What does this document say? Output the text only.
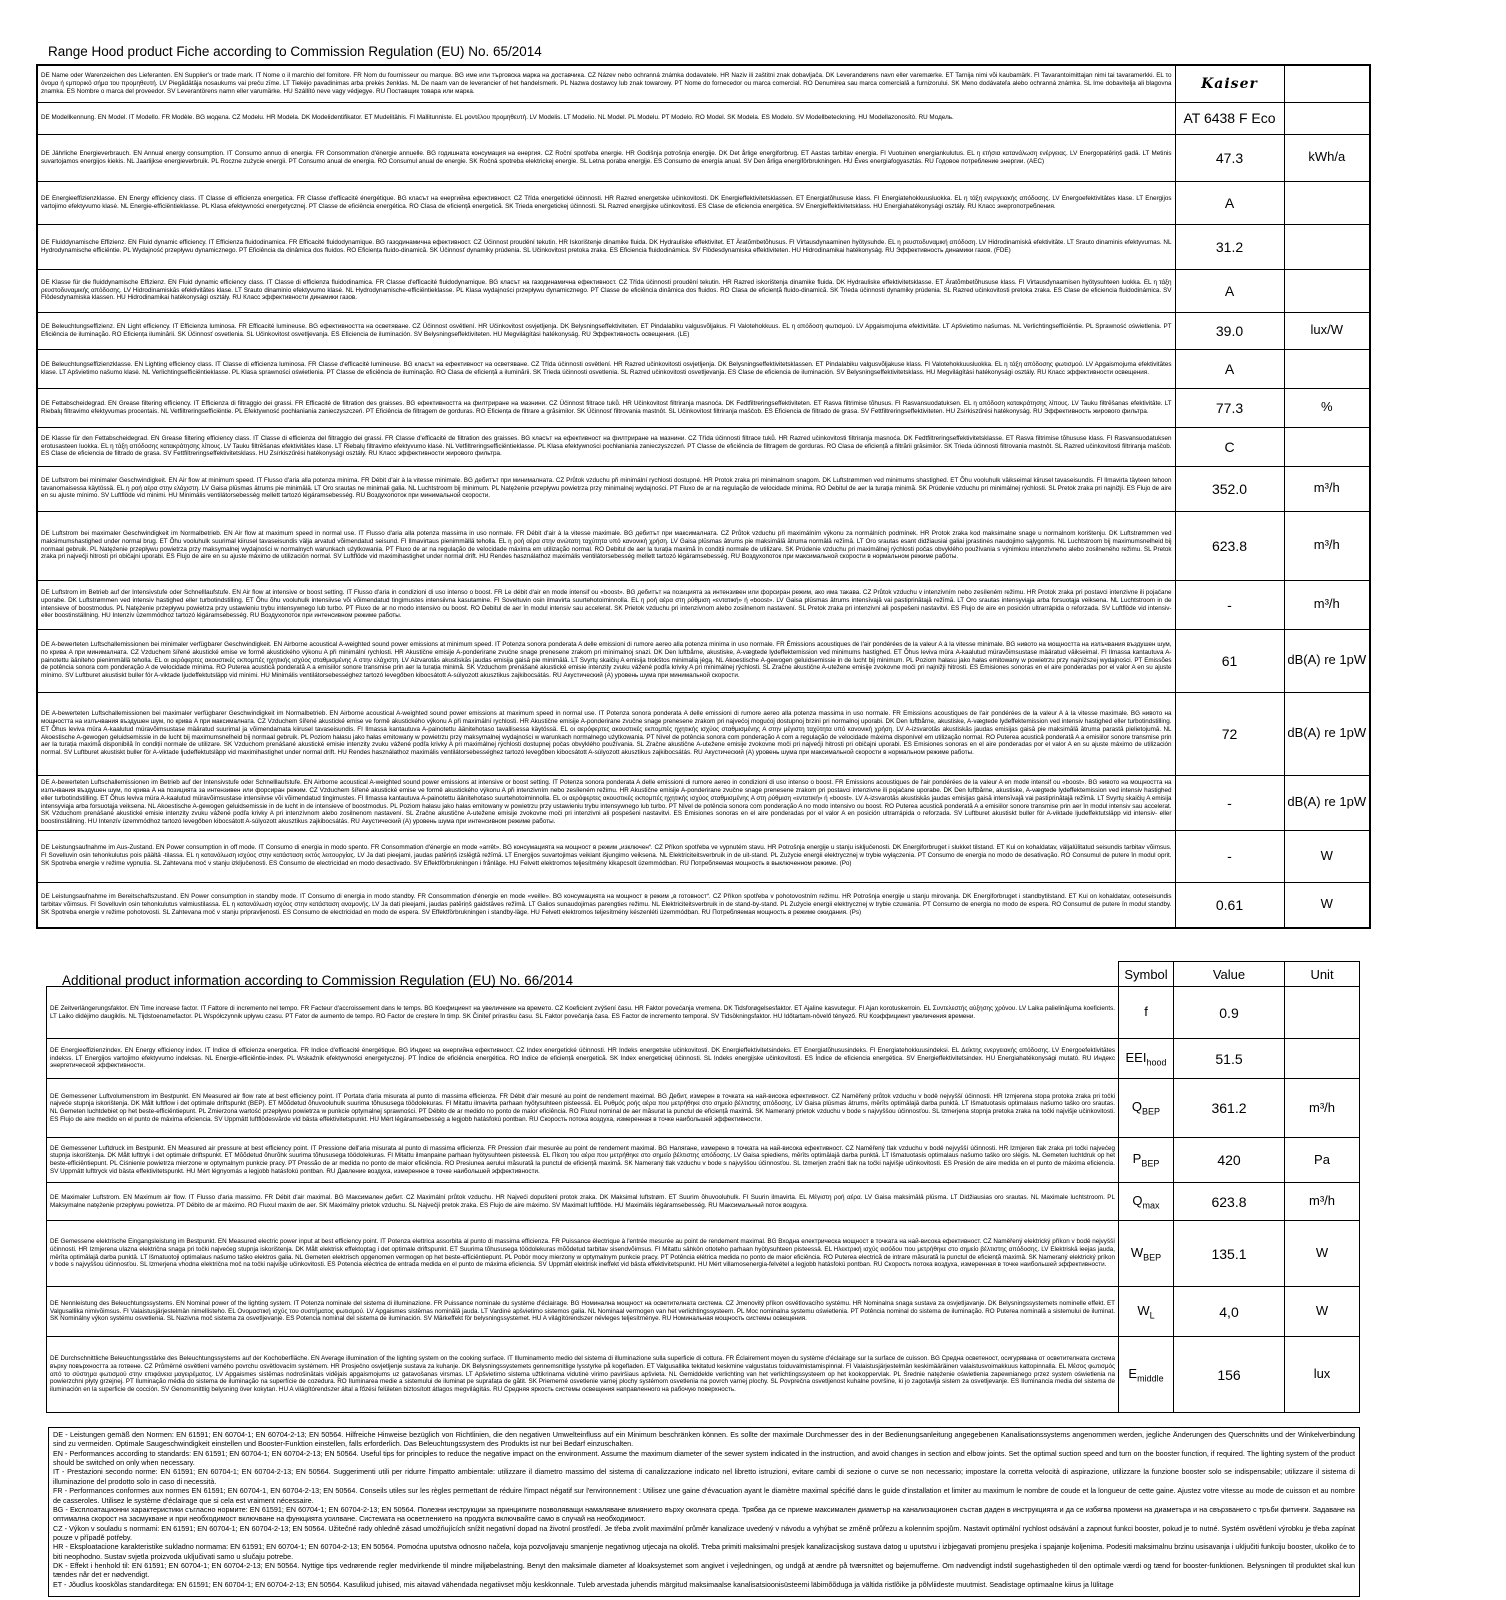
Range Hood product Fiche according to Commission Regulation (EU) No. 65/2014
DE Name oder Warenzeichen des Lieferanten. EN Supplier's or trade mark. IT Nome o il marchio del fornitore. FR Nom du fournisseur ou marque. BG име или търговска марка на доставчика. CZ Název nebo ochranná známka dodavatele. HR Naziv ili zaštitni znak dobavljača. DK Leverandørens navn eller varemærke. ET Tarnija nimi või kaubamärk. FI Tavarantoimittajan nimi tai tavaramerkki. EL το όνομα ή εμπορικό σήμα του προμηθευτή. LV Piegādātāja nosaukums vai preču zīme. LT Tiekėjo pavadinimas arba prekės ženklas. NL De naam van de leverancier of het handelsmerk. PL Nazwa dostawcy lub znak towarowy. PT Nome do fornecedor ou marca comercial. RO Denumirea sau marca comercială a furnizorului. SK Meno dodávateľa alebo ochranná známka. SL Ime dobavitelja ali blagovna znamka. ES Nombre o marca del proveedor. SV Leverantörens namn eller varumärke. HU Szállító neve vagy védjegye. RU Поставщик товара или марка.	Kaiser	
DE Modellkennung. EN Model. IT Modello. FR Modèle. BG модела. CZ Modelu. HR Modela. DK Modelidentifikator. ET Mudelitähis. FI Mallitunniste. EL μοντέλου προμηθευτή. LV Modelis. LT Modelio. NL Model. PL Modelu. PT Modelo. RO Model. SK Modela. ES Modelo. SV Modellbeteckning. HU Modellazonosító. RU Модель.	AT 6438 F Eco	
DE Jährliche Energieverbrauch. EN Annual energy consumption. IT Consumo annuo di energia. FR Consommation d'énergie annuelle. BG годишната консумация на енергия. CZ Roční spotřeba energie. HR Godišnja potrošnja energije. DK Det årlige energiforbrug. ET Aastas tarbitav energia. FI Vuotuinen energiankulutus. EL η ετήσια κατανάλωση ενέργειας. LV Energopatēriņš gadā. LT Metinis suvartojamos energijos kiekis. NL Jaarlijkse energieverbruik. PL Roczne zużycie energii. PT Consumo anual de energia. RO Consumul anual de energie. SK Ročná spotreba elektrickej energie. SL Letna poraba energije. ES Consumo de energía anual. SV Den årliga energiförbrukningen. HU Éves energiafogyasztás. RU Годовое потребление энергии. (AEC)	47.3	kWh/a
DE Energieeffizienzklasse. EN Energy efficiency class. IT Classe di efficienza energetica. FR Classe d'efficacité énergétique. BG класът на енергийна ефективност. CZ Třída energetické účinnosti. HR Razred energetske učinkovitosti. DK Energieffektivitetsklassen. ET Energiatõhususe klass. FI Energiatehokkuusluokka. EL η τάξη ενεργειακής απόδοσης. LV Energoefektivitātes klase. LT Energijos vartojimo efektyvumo klasė. NL Energie-efficiëntieklasse. PL Klasa efektywności energetycznej. PT Classe de eficiência energética. RO Clasa de eficiență energetică. SK Trieda energetickej účinnosti. SL Razred energijske učinkovitosti. ES Clase de eficiencia energética. SV Energieffektivitetsklass. HU Energiahatékonysági osztály. RU Класс энергопотребления.	A	
DE Fluiddynamische Effizienz. EN Fluid dynamic efficiency. IT Efficienza fluidodinamica. FR Efficacité fluidodynamique. BG газодинамична ефективност. CZ Účinnost proudění tekutin. HR Iskorištenje dinamike fluida. DK Hydrauliske effektivitet. ET Äratõmbetõhusus. FI Virtausdynaaminen hyötysuhde. EL η ρευστοδυναμική απόδοση. LV Hidrodinamiskā efektivitāte. LT Srauto dinaminis efektyvumas. NL Hydrodynamische efficiëntie. PL Wydajność przepływu dynamicznego. PT Eficiência da dinâmica dos fluidos. RO Eficiența fluido-dinamică. SK Účinnosť dynamiky prúdenia. SL Učinkovitost pretoka zraka. ES Eficiencia fluidodinámica. SV Flödesdynamiska effektiviteten. HU Hidrodinamikai hatékonyság. RU Эффективность динамики газов. (FDE)	31.2	
DE Klasse für die fluiddynamische Effizienz. EN Fluid dynamic efficiency class. IT Classe di efficienza fluidodinamica. FR Classe d'efficacité fluidodynamique. BG класът на газодинамична ефективност. CZ Třída účinnosti proudění tekutin. HR Razred iskorištenja dinamike fluida. DK Hydrauliske effektivitetsklasse. ET Äratõmbetõhususe klass. FI Virtausdynaamisen hyötysuhteen luokka. EL η τάξη ρευστοδυναμικής απόδοσης. LV Hidrodinamiskās efektivitātes klase. LT Srauto dinaminio efektyvumo klasė. NL Hydrodynamische-efficiëntieklasse. PL Klasa wydajności przepływu dynamicznego. PT Classe de eficiência dinâmica dos fluidos. RO Clasa de eficiență fluido-dinamică. SK Trieda účinnosti dynamiky prúdenia. SL Razred učinkovitosti pretoka zraka. ES Clase de eficiencia fluidodinámica. SV Flödesdynamiska klassen. HU Hidrodinamikai hatékonysági osztály. RU Класс эффективности динамики газов.	A	
DE Beleuchtungseffizienz. EN Light efficiency. IT Efficienza luminosa. FR Efficacité lumineuse. BG ефективността на осветяване. CZ Účinnost osvětlení. HR Učinkovitost osvjetljenja. DK Belysningseffektiviteten. ET Pindalabiku valgusvõljakus. FI Valotehokkuus. EL η απόδοση φωτισμού. LV Apgaismojuma efektivitāte. LT Apšvietimo našumas. NL Verlichtingsefficiëntie. PL Sprawność oświetlenia. PT Eficiência de iluminação. RO Eficiența iluminării. SK Účinnosť osvetlenia. SL Učinkovitost osvetljevanja. ES Eficiencia de iluminación. SV Belysningseffektiviteten. HU Megvilágítási hatékonyság. RU Эффективность освещения. (LE)	39.0	lux/W
DE Beleuchtungseffizienzklasse. EN Lighting efficiency class. IT Classe di efficienza luminosa. FR Classe d'efficacité lumineuse. BG класът на ефективност на осветяване. CZ Třída účinnosti osvětlení. HR Razred učinkovitosti osvjetljenja. DK Belysningseffektivitetsklassen. ET Pindalabiku valgusvõljakuse klass. FI Valotehokkuusluokka. EL η τάξη απόδοσης φωτισμού. LV Apgaismojuma efektivitātes klase. LT Apšvietimo našumo klasė. NL Verlichtingsefficiëntieklasse. PL Klasa sprawności oświetlenia. PT Classe de eficiência de iluminação. RO Clasa de eficiență a iluminării. SK Trieda účinnosti osvetlenia. SL Razred učinkovitosti osvetljevanja. ES Clase de eficiencia de iluminación. SV Belysningseffektivitetsklass. HU Megvilágítási hatékonysági osztály. RU Класс эффективности освещения.	A	
DE Fettabscheidegrad. EN Grease filtering efficiency. IT Efficienza di filtraggio dei grassi. FR Efficacité de filtration des graisses. BG ефективността на филтриране на мазнини. CZ Účinnost filtrace tuků. HR Učinkovitost filtriranja masnoća. DK Fedtfiltreringseffektiviteten. ET Rasva filtrimise tõhusus. FI Rasvansuodatuksen. EL η απόδοση κατακράτησης λίπους. LV Tauku filtrēšanas efektivitāte. LT Riebalų filtravimo efektyvumas procentais. NL Vetfiltreringsefficiëntie. PL Efektywność pochłaniania zanieczyszczeń. PT Eficiência de filtragem de gorduras. RO Eficiența de filtrare a grăsimilor. SK Účinnosť filtrovania mastnôt. SL Učinkovitost filtriranja maščob. ES Eficiencia de filtrado de grasa. SV Fettfiltreringseffektiviteten. HU Zsírkiszűrési hatékonyság. RU Эффективность жирового фильтра.	77.3	%
DE Klasse für den Fettabscheidegrad. EN Grease filtering efficiency class. IT Classe di efficienza del filtraggio dei grassi. FR Classe d'efficacité de filtration des graisses. BG класът на ефективност на филтриране на мазнини. CZ Třída účinnosti filtrace tuků. HR Razred učinkovitosti filtriranja masnoća. DK Fedtfiltreringseffektivitetsklasse. ET Rasva filtrimise tõhususe klass. FI Rasvansuodatuksen erotusasteen luokka. EL η τάξη απόδοσης κατακράτησης λίπους. LV Tauku filtrēšanas efektivitātes klase. LT Riebalų filtravimo efektyvumo klasė. NL Vetfiltreringsefficiëntieklasse. PL Klasa efektywności pochłaniania zanieczyszczeń. PT Classe de eficiência de filtragem de gorduras. RO Clasa de eficiență a filtrării grăsimilor. SK Trieda účinnosti filtrovania mastnôt. SL Razred učinkovitosti filtriranja maščob. ES Clase de eficiencia de filtrado de grasa. SV Fettfiltreringseffektivitetsklass. HU Zsírkiszűrési hatékonysági osztály. RU Класс эффективности жирового фильтра.	C	
DE Luftstrom bei minimaler Geschwindigkeit. EN Air flow at minimum speed. IT Flusso d'aria alla potenza minima. FR Débit d'air à la vitesse minimale. BG дебитът при минималната. CZ Průtok vzduchu při minimální rychlosti dostupné. HR Protok zraka pri minimalnom snagom. DK Luftstrømmen ved minimums shastighed. ET Õhu vooluhulk väikseimal kiirusel tavaseisundis. FI Ilmavirta täyteen tehoon tavanomaisessa käytössä. EL η ροή αέρα στην ελάχιστη. LV Gaisa plūsmas ātrums pie minimālā. LT Oro srautas ne minimali galia. NL Luchtstroom bij minimum. PL Natężenie przepływu powietrza przy minimalnej wydajności. PT Fluxo de ar na regulação de velocidade mínima. RO Debitul de aer la turația minimă. SK Prúdenie vzduchu pri minimálnej rýchlosti. SL Pretok zraka pri najnižji. ES Flujo de aire en su ajuste mínimo. SV Luftflöde vid minimi. HU Minimális ventilátorsebesség mellett tartozó légáramsebesség. RU Воздухопоток при минимальной скорости.	352.0	m³/h
DE Luftstrom bei maximaler Geschwindigkeit im Normalbetrieb. EN Air flow at maximum speed in normal use. IT Flusso d'aria alla potenza massima in uso normale. FR Débit d'air à la vitesse maximale. BG дебитът при максималната. CZ Průtok vzduchu při maximálním výkonu za normálních podmínek. HR Protok zraka kod maksimalne snage u normalnom korištenju. DK Luftstrømmen ved maksimumshastighed under normal brug. ET Õhu vooluhulk suurimal kiirusel tavaseisundis välja arvatud võimendatud seisund. FI Ilmavirtaus pienimmällä teholla. EL η ροή αέρα στην ανώτατη ταχύτητα υπό κανονική χρήση. LV Gaisa plūsmas ātrums pie maksimālā ātruma normālā režīmā. LT Oro srautas esant didžiausiai galiai įprastinės naudojimo sąlygomis. NL Luchtstroom bij maximumsnelheid bij normaal gebruik. PL Natężenie przepływu powietrza przy maksymalnej wydajności w normalnych warunkach użytkowania. PT Fluxo de ar na regulação de velocidade máxima em utilização normal. RO Debitul de aer la turația maximă în condiții normale de utilizare. SK Prúdenie vzduchu pri maximálnej rýchlosti počas obvyklého používania s výnimkou intenzívneho alebo zosilneného režimu. SL Pretok zraka pri največji hitrosti pri običajni uporabi. ES Flujo de aire en su ajuste máximo de utilización normal. SV Luftflöde vid maximihastighet under normal drift. HU Rendes használathoz maximális ventilátorsebesség mellett tartozó légáramsebesség. RU Воздухопоток при максимальной скорости в нормальном режиме работы.	623.8	m³/h
DE Luftstrom im Betrieb auf der Intensivstufe oder Schnelllaufstufe. EN Air flow at intensive or boost setting. IT Flusso d'aria in condizioni di uso intenso o boost. FR Le débit d'air en mode intensif ou «boost». BG дебитът на позицията за интензивен или форсиран режим, ако има такава. CZ Průtok vzduchu v intenzivním nebo zesíleném režimu. HR Protok zraka pri postavci intenzivne ili pojačane uporabe. DK Luftstrømmen ved intensiv hastighed eller turbotindstilling. ET Õhu õhu vooluhulk intensiivse või võimendatud tingimustes intensiivna kasutamine. FI Soveltuvin osin ilmavirta suurtehotoiminnolla. EL η ροή αέρα στη ρύθμιση «εντατική» ή «boost». LV Gaisa plūsmas ātrums intensīvajā vai pastiprinātajā režīmā. LT Oro srautas intensyviąja arba forsuotąja veiksena. NL Luchtstroom in de intensieve of boostmodus. PL Natężenie przepływu powietrza przy ustawieniu trybu intensywnego lub turbo. PT Fluxo de ar no modo intensivo ou boost. RO Debitul de aer în modul intensiv sau accelerat. SK Prietok vzduchu pri intenzívnom alebo zosilnenom nastavení. SL Pretok zraka pri intenzivni ali pospešeni nastavitvi. ES Flujo de aire en posición ultrarrápida o reforzada. SV Luftflöde vid intensiv- eller boostinställning. HU Intenzív üzemmódhoz tartozó légáramsebesség. RU Воздухопоток при интенсивном режиме работы.	-	m³/h
DE A-bewerteten Luftschallemissionen bei minimaler verfügbarer Geschwindigkeit. EN Airborne acoustical A-weighted sound power emissions at minimum speed. IT Potenza sonora ponderata A delle emissioni di rumore aereo alla potenza minima in uso normale. FR Émissions acoustiques de l'air pondérées de la valeur A à la vitesse minimale. BG нивото на мощността на излъчвания въздушен шум, по крива A при минималната. CZ Vzduchem šířené akustické emise ve formě akustického výkonu A při minimální rychlosti. HR Akustične emisije A-ponderirane zvučne snage prenesene zrakom pri minimalnoj snazi. DK Den luftbårne, akustiske, A-vægtede lydeffektemission ved minimums hastighed. ET Õhus leviva mürа A-kaalutud müravõimsustase määratud väikseimal. FI Ilmassa kantautuva A-painotettu ääniteho pienimmällä teholla. EL οι αερόφερτες ακουστικές εκπομπές ηχητικής ισχύος σταθμισμένης A στην ελάχιστη. LV Aizvarotās akustiskās jaudas emisija gaisā pie minimālā. LT Svyrtų skaičių A emisija trokštos minimalią jėgą. NL Akoestische A-gewogen geluidsemissie in de lucht bij minimum. PL Poziom hałasu jako hałas emitowany w powietrzu przy najniższej wydajności. PT Emissões de potência sonora com ponderação A de velocidade mínima. RO Puterea acustică ponderată A a emisiilor sonore transmise prin aer la turația minimă. SK Vzduchom prenášané akustické emisie intenzity zvuku vážené podľa krivky A pri minimálnej rýchlosti. SL Zračne akustične A-utežene emisije zvokovne moči pri najnižji hitrosti. ES Emisiones sonoras en el aire ponderadas por el valor A en su ajuste mínimo. SV Luftburet akustiskt buller för A-viktade ljudeffektutsläpp vid minimi. HU Minimális ventilátorsebességhez tartozó levegőben kibocsátott A-súlyozott akusztikus zajkibocsátás. RU Акустический (А) уровень шума при минимальной скорости.	61	dB(A) re 1pW
DE A-bewerteten Luftschallemissionen bei maximaler verfügbarer Geschwindigkeit im Normalbetrieb. EN Airborne acoustical A-weighted sound power emissions at maximum speed in normal use. IT Potenza sonora ponderata A delle emissioni di rumore aereo alla potenza massima in uso normale. FR Emissions acoustiques de l'air pondérées de la valeur A à la vitesse maximale. BG нивото на мощността на излъчвания въздушен шум, по крива A при максималната. CZ Vzduchem šířené akustické emise ve formě akustického výkonu A při maximální rychlosti. HR Akustične emisije A-ponderirane zvučne snage prenesene zrakom pri najvećoj mogućoj dostupnoj brzini pri normalnoj uporabi. DK Den luftbårne, akustiske, A-vægtede lydeffektemission ved intensiv hastighed eller turbotindstilling. ET Õhus leviva müra A-kaalutud müravõimsustase määratud suurimal ja võimendamata kiirusel tavaseisundis. FI Ilmassa kantautuva A-painotettu äänitehotaso tavallisessa käytössä. EL οι αερόφερτες ακουστικές εκπομπές ηχητικής ισχύος σταθμισμένης A στην μέγιστη ταχύτητα υπό κανονική χρήση. LV A-izsvarotās akustiskās jaudas emisijas gaisā pie maksimālā ātruma parastā pielietojumā. NL Akoestische A-gewogen geluidsemissie in de lucht bij maximumsnelheid bij normaal gebruik. PL Poziom hałasu jako hałas emitowany w powietrzu przy maksymalnej wydajności w warunkach normalnego użytkowania. PT Nível de potência sonora com ponderação A com a regulação de velocidade máxima disponível em utilização normal. RO Puterea acustică ponderată A a emisiilor sonore transmise prin aer la turația maximă disponibilă în condiții normale de utilizare. SK Vzduchom prenášané akustické emisie intenzity zvuku vážené podľa krivky A pri maximálnej rýchlosti dostupnej počas obvyklého používania. SL Zračne akustične A-utežene emisije zvokovne moči pri največji hitrosti pri običajni uporabi. ES Emisiones sonoras en el aire ponderadas por el valor A en su ajuste máximo de utilización normal. SV Luftburet akustiskt buller för A-viktade ljudeffektutsläpp vid maximihastighet under normal drift. HU Rendes használathoz maximális ventilátorsebességhez tartozó levegőben kibocsátott A-súlyozott akusztikus zajkibocsátás. RU Акустический (А) уровень шума при максимальной скорости в нормальном режиме работы.	72	dB(A) re 1pW
DE A-bewerteten Luftschallemissionen im Betrieb auf der Intensivstufe oder Schnelllaufstufe. EN Airborne acoustical A-weighted sound power emissions at intensive or boost setting. IT Potenza sonora ponderata A delle emissioni di rumore aereo in condizioni di uso intenso o boost. FR Emissions acoustiques de l'air pondérées de la valeur A en mode intensif ou «boost». BG нивото на мощността на излъчвания въздушен шум, по крива A на позицията за интензивен или форсиран режим. CZ Vzduchem šířené akustické emise ve formě akustického výkonu A při intenzivním nebo zesíleném režimu. HR Akustične emisije A-ponderirane zvučne snage prenesene zrakom pri postavci intenzivne ili pojačane uporabe. DK Den luftbårne, akustiske, A-vægtede lydeffektemission ved intensiv hastighed eller turbotindstilling. ET Õhus leviva müra A-kaalutud müravõimsustase intensiivse või võimendatud tingimustes. FI Ilmassa kantautuva A-painotettu äänitehotaso suurtehotoiminnolla. EL οι αερόφερτες ακουστικές εκπομπές ηχητικής ισχύος σταθμισμένης A στη ρύθμιση «εντατική» ή «boost». LV A-izsvarotās akustiskās jaudas emisijas gaisā intensīvajā vai pastiprinātajā režīmā. LT Svyrtų skaičių A emisija intensyviąja arba forsuotąja veiksena. NL Akoestische A-gewogen geluidsemissie in de lucht in de intensieve of boostmodus. PL Poziom hałasu jako hałas emitowany w powietrzu przy ustawieniu trybu intensywnego lub turbo. PT Nível de potência sonora com ponderação A no modo intensivo ou boost. RO Puterea acustică ponderată A a emisiilor sonore transmise prin aer în modul intensiv sau accelerat. SK Vzduchom prenášané akustické emisie intenzity zvuku vážené podľa krivky A pri intenzívnom alebo zosilnenom nastavení. SL Zračne akustične A-utežene emisije zvokovne moči pri intenzivni ali pospešeni nastavitvi. ES Emisiones sonoras en el aire ponderadas por el valor A en posición ultrarrápida o reforzada. SV Luftburet akustiskt buller för A-viktade ljudeffektutsläpp vid intensiv- eller boostinställning. HU Intenzív üzemmódhoz tartozó levegőben kibocsátott A-súlyozott akusztikus zajkibocsátás. RU Акустический (А) уровень шума при интенсивном режиме работы.	-	dB(A) re 1pW
DE Leistungsaufnahme im Aus-Zustand. EN Power consumption in off mode. IT Consumo di energia in modo spento. FR Consommation d'énergie en mode «arrêt». BG консумацията на мощност в режим „изключен“. CZ Příkon spotřeba ve vypnutém stavu. HR Potrošnja energije u stanju isključenosti. DK Energiforbruget i slukket tilstand. ET Kui on kohaldatav, väljalülitatud seisundis tarbitav võimsus. FI Sovelluvin osin tehonkulutus pois päältä -tilassa. EL η κατανάλωση ισχύος στην κατάσταση εκτός λειτουργίας. LV Ja dati pieejami, jaudas patēriņš izslēgtā režīmā. LT Energijos suvartojimas veikiant išjungimo veiksena. NL Elektriciteitsverbruik in de uit-stand. PL Zużycie energii elektrycznej w trybie wyłączenia. PT Consumo de energia no modo de desativação. RO Consumul de putere în modul oprit. SK Spotreba energie v režime vypnutia. SL Zahtevana moč v stanju izključenosti. ES Consumo de electricidad en modo desactivado. SV Effektförbrukningen i frånläge. HU Felvett elektromos teljesítmény kikapcsolt üzemmódban. RU Потребляемая мощность в выключенном режиме. (Po)	-	W
DE Leistungsaufnahme im Bereitschaftszustand. EN Power consumption in standby mode. IT Consumo di energia in modo standby. FR Consommation d'énergie en mode «veille». BG консумацията на мощност в режим „в готовност“. CZ Příkon spotřeba v pohotovostním režimu. HR Potrošnja energije u stanju mirovanja. DK Energiforbruget i standbytilstand. ET Kui on kohaldatav, ooteseisundis tarbitav võimsus. FI Sovelluvin osin tehonkulutus valmiustilassa. EL η κατανάλωση ισχύος στην κατάσταση αναμονής. LV Ja dati pieejami, jaudas patēriņš gaidstāves režīmā. LT Galios sunaudojimas parengties režimu. NL Elektriciteitsverbruik in de stand-by-stand. PL Zużycie energii elektrycznej w trybie czuwania. PT Consumo de energia no modo de espera. RO Consumul de putere în modul standby. SK Spotreba energie v režime pohotovosti. SL Zahtevana moč v stanju pripravljenosti. ES Consumo de electricidad en modo de espera. SV Effektförbrukningen i standby-läge. HU Felvett elektromos teljesítmény készenléti üzemmódban. RU Потребляемая мощность в режиме ожидания. (Ps)	0.61	W
Additional product information according to Commission Regulation (EU) No. 66/2014
		Symbol	Value	Unit
DE Zeitverlängerungsfaktor. EN Time increase factor. IT Fattore di incremento nel tempo. FR Facteur d'accroissement dans le temps. BG Коефициент на увеличение на времето. CZ Koeficient zvýšení času. HR Faktor povećanja vremena. DK Tidsforøgelsesfaktor. ET Ajaline kasvutegur. FI Ajan korotuskerroin. EL Συντελεστής αύξησης χρόνου. LV Laika palielinājuma koeficients. LT Laiko didėjimo daugiklis. NL Tijdstoenamefactor. PL Współczynnik upływu czasu. PT Fator de aumento de tempo. RO Factor de creștere în timp. SK Činiteľ prírastku času. SL Faktor povečanja časa. ES Factor de incremento temporal. SV Tidsökningsfaktor. HU Időtartam-növelő tényező. RU Коэффициент увеличения времени.	f	0.9	
DE Energieeffizienzindex. EN Energy efficiency index. IT Indice di efficienza energetica. FR Indice d'efficacité énergétique. BG Индекс на енергийна ефективност. CZ Index energetické účinnosti. HR Indeks energetske učinkovitosti. DK Energieffektivitetsindeks. ET Energiatõhususindeks. FI Energiatehokkuusindeksi. EL Δείκτης ενεργειακής απόδοσης. LV Energoefektivitātes indekss. LT Energijos vartojimo efektyvumo indeksas. NL Energie-efficiëntie-index. PL Wskaźnik efektywności energetycznej. PT Índice de eficiência energética. RO Indice de eficiență energetică. SK Index energetickej účinnosti. SL Indeks energijske učinkovitosti. ES Índice de eficiencia energética. SV Energieffektivitetsindex. HU Energiahatékonysági mutató. RU Индекс энергетической эффективности.	$EEI_{hood}$	51.5	
DE Gemessener Luftvolumenstrom im Bestpunkt. EN Measured air flow rate at best efficiency point. IT Portata d'aria misurata al punto di massima efficienza. FR Débit d'air mesuré au point de rendement maximal. BG Дебит, измерен в точката на най-висока ефективност. CZ Naměřený průtok vzduchu v bodě nejvyšší účinnosti. HR Izmjerena stopa protoka zraka pri točki najveće stupnja iskorištenja. DK Målt luftflow i det optimale driftspunkt (BEP). ET Mõõdetud õhuvooluhulk suurima tõhususega töödolekuras. FI Mitattu ilmavirta parhaan hyötysuhteen pisteessä. EL Ρυθμός ροής αέρα που μετρήθηκε στο σημείο βέλτιστης απόδοσης. LV Gaisa plūsmas ātrums, mērīts optimālajā darba punktā. LT Išmatuotasis optimalaus našumo taško oro srautas. NL Gemeten luchtdebiet op het beste-efficiëntiepunt. PL Zmierzona wartość przepływu powietrza w punkcie optymalnej sprawności. PT Débito de ar medido no ponto de maior eficiência. RO Fluxul nominal de aer măsurat la punctul de eficiență maximă. SK Nameraný prietok vzduchu v bode s najvyššou účinnosťou. SL Izmerjena stopnja pretoka zraka na točki najvišje učinkovitosti. ES Flujo de aire medido en el punto de máxima eficiencia. SV Uppmätt luftflödesvärde vid bästa effektivitetspunkt. HU Mért légáramsebesség a legjobb hatásfokú pontban. RU Скорость потока воздуха, измеренная в точке наибольшей эффективности.	$Q_{BEP}$	361.2	m³/h
DE Gemessener Luftdruck im Bestpunkt. EN Measured air pressure at best efficiency point. IT Pressione dell'aria misurata al punto di massima efficienza. FR Pression d'air mesurée au point de rendement maximal. BG Налягане, измерено в точката на най-висока ефективност. CZ Naměřený tlak vzduchu v bodě nejvyšší účinnosti. HR Izmjeren tlak zraka pri točki najvećeg stupnja iskorištenja. DK Målt lufttryk i det optimale driftspunkt. ET Mõõdetud õhurõhk suurima tõhususega töödolekuras. FI Mitattu ilmanpaine parhaan hyötysuhteen pisteessä. EL Πίεση του αέρα που μετρήθηκε στο σημείο βέλτιστης απόδοσης. LV Gaisa spiediens, mērīts optimālajā darba punktā. LT Išmatuotasis optimalaus našumo taško oro slėgis. NL Gemeten luchtdruk op het beste-efficiëntiepunt. PL Ciśnienie powietrza mierzone w optymalnym punkcie pracy. PT Pressão de ar medida no ponto de maior eficiência. RO Presiunea aerului măsurată la punctul de eficiență maximă. SK Nameraný tlak vzduchu v bode s najvyššou účinnosťou. SL Izmerjen zračni tlak na točki najvišje učinkovitosti. ES Presión de aire medida en el punto de máxima eficiencia. SV Uppmätt lufttryck vid bästa effektivitetspunkt. HU Mért légnyomás a legjobb hatásfokú pontban. RU Давление воздуха, измеренное в точке наибольшей эффективности.	$P_{BEP}$	420	Pa
DE Maximaler Luftstrom. EN Maximum air flow. IT Flusso d'aria massimo. FR Débit d'air maximal. BG Максимален дебит. CZ Maximální průtok vzduchu. HR Najveći dopušteni protok zraka. DK Maksimal luftstrøm. ET Suurim õhuvooluhulk. FI Suurin ilmavirta. EL Μέγιστη ροή αέρα. LV Gaisa maksimālā plūsma. LT Didžiausias oro srautas. NL Maximale luchtstroom. PL Maksymalne natężenie przepływu powietrza. PT Débito de ar máximo. RO Fluxul maxim de aer. SK Maximálny prietok vzduchu. SL Največji pretok zraka. ES Flujo de aire máximo. SV Maximalt luftflöde. HU Maximális légáramsebesség. RU Максимальный поток воздуха.	$Q_{max}$	623.8	m³/h
DE Gemessene elektrische Eingangsleistung im Bestpunkt. EN Measured electric power input at best efficiency point. IT Potenza elettrica assorbita al punto di massima efficienza. FR Puissance électrique à l'entrée mesurée au point de rendement maximal. BG Входна електрическа мощност в точката на най-висока ефективност. CZ Naměřený elektrický příkon v bodě nejvyšší účinnosti. HR Izmjerena ulazna električna snaga pri točki najvećeg stupnja iskorištenja. DK Målt elektrisk effektoptag i det optimale driftspunkt. ET Suurima tõhususega töödolekuras mõõdetud tarbitav sisendvõimsus. FI Mitattu sähkön ottoteho parhaan hyötysuhteen pisteessä. EL Ηλεκτρική ισχύς εισόδου που μετρήθηκε στο σημείο βέλτιστης απόδοσης. LV Elektriskā ieejas jauda, mērīta optimālajā darba punktā. LT Išmatuotoji optimalaus našumo taško elektros galia. NL Gemeten elektrisch opgenomen vermogen op het beste-efficiëntiepunt. PL Pobór mocy mierzony w optymalnym punkcie pracy. PT Potência elétrica medida no ponto de maior eficiência. RO Puterea electrică de intrare măsurată la punctul de eficiență maximă. SK Nameraný elektrický príkon v bode s najvyššou účinnosťou. SL Izmerjena vhodna električna moč na točki najvišje učinkovitosti. ES Potencia eléctrica de entrada medida en el punto de máxima eficiencia. SV Uppmätt elektrisk ineffekt vid bästa effektivitetspunkt. HU Mért villamosenergia-felvétel a legjobb hatásfokú pontban. RU Скорость потока воздуха, измеренная в точке наибольшей эффективности.	$W_{BEP}$	135.1	W
DE Nennleistung des Beleuchtungssystems. EN Nominal power of the lighting system. IT Potenza nominale del sistema di illuminazione. FR Puissance nominale du système d'éclairage. BG Номинална мощност на осветителната система. CZ Jmenovitý příkon osvětlovacího systému. HR Nominalna snaga sustava za osvjetljavanje. DK Belysningssystemets nominelle effekt. ET Valgusallika nimivõimsus. FI Valaistusjärjestelmän nimellisteho. EL Ονομαστική ισχύς του συστήματος φωτισμού. LV Apgaismes sistēmas nominālā jauda. LT Vardinė apšvietimo sistemos galia. NL Nominaal vermogen van het verlichtingssysteem. PL Moc nominalna systemu oświetlenia. PT Potência nominal do sistema de iluminação. RO Puterea nominală a sistemului de iluminat. SK Nominálny výkon systému osvetlenia. SL Nazivna moč sistema za osvetljevanje. ES Potencia nominal del sistema de iluminación. SV Märkeffekt för belysningssystemet. HU A világítórendszer névleges teljesítménye. RU Номинальная мощность системы освещения.	$W_L$	4,0	W
DE Durchschnittliche Beleuchtungsstärke des Beleuchtungssystems auf der Kochoberfläche. EN Average illumination of the lighting system on the cooking surface. IT Illuminamento medio del sistema di illuminazione sulla superficie di cottura. FR Éclairement moyen du système d'éclairage sur la surface de cuisson. BG Средна осветеност, осигурявана от осветителната система върху повърхността за готвене. CZ Průměrné osvětlení varného povrchu osvětlovacím systémem. HR Prosječno osvjetljenje sustava za kuhanje. DK Belysningssystemets gennemsnitlige lysstyrke på kogefladen. ET Valgusallika tekitatud keskmine valgustatus toiduvalmistamispinnal. FI Valaistusjärjestelmän keskimääräinen valaistusvoimakkuus kattopinnalla. EL Μέσος φωτισμός από το σύστημα φωτισμού στην επιφάνεια μαγειρέματος. LV Apgaismes sistēmas nodrošinātais vidējais apgaismojums uz gatavošanas virsmas. LT Apšvietimo sistema užtikrinama vidutinė virimo paviršiaus apšvieta. NL Gemiddelde verlichting van het verlichtingssysteem op het kookoppervlak. PL Średnie natężenie oświetlenia zapewnianego przez system oświetlenia na powierzchni płyty grzejnej. PT Iluminação média do sistema de iluminação na superfície de cozedura. RO Iluminarea medie a sistemului de iluminat pe suprafața de gătit. SK Priemerné osvetlenie varnej plochy systémom osvetlenia na povrch varnej plochy. SL Povprečna osvetljenost kuhalne površine, ki jo zagotavlja sistem za osvetljevanje. ES Iluminancia media del sistema de iluminación en la superficie de cocción. SV Genomsnittlig belysning över kokytan. HU A világítórendszer által a főzési felületen biztosított átlagos megvilágítás. RU Средняя яркость системы освещения направленного на рабочую поверхность.	$E_{middle}$	156	lux

DE - Leistungen gemäß den Normen: EN 61591; EN 60704-1; EN 60704-2-13; EN 50564. Hilfreiche Hinweise bezüglich von Richtlinien, die den negativen Umwelteinfluss auf ein Minimum beschränken können. Es sollte der maximale Durchmesser des in der Bedienungsanleitung angegebenen Kanalisationssystems angenommen werden, jegliche Änderungen des Querschnitts und der Winkelverbindung sind zu vermeiden. Optimale Saugeschwindigkeit einstellen und Booster-Funktion einstellen, falls erforderlich. Das Beleuchtungssystem des Produkts ist nur bei Bedarf einzuschalten.

EN - Performances according to standards: EN 61591; EN 60704-1; EN 60704-2-13; EN 50564. Useful tips for principles to reduce the negative impact on the environment. Assume the maximum diameter of the sewer system indicated in the instruction, and avoid changes in section and elbow joints. Set the optimal suction speed and turn on the booster function, if required. The lighting system of the product should be switched on only when necessary.

IT - Prestazioni secondo norme: EN 61591; EN 60704-1; EN 60704-2-13; EN 50564. Suggerimenti utili per ridurre l'impatto ambientale: utilizzare il diametro massimo del sistema di canalizzazione indicato nel libretto istruzioni, evitare cambi di sezione o curve se non necessario; impostare la corretta velocità di aspirazione, utilizzare la funzione booster solo se indispensabile; utilizzare il sistema di illuminazione del prodotto solo in caso di necessità.

FR - Performances conformes aux normes EN 61591; EN 60704-1, EN 60704-2-13; EN 50564. Conseils utiles sur les règles permettant de réduire l'impact négatif sur l'environnement : Utilisez une gaine d'évacuation ayant le diamètre maximal spécifié dans le guide d'installation et limiter au maximum le nombre de coude et la longueur de cette gaine. Ajustez votre vitesse au mode de cuisson et au nombre de casseroles. Utilisez le système d'éclairage que si cela est vraiment nécessaire.

BG - Експлоатационни характеристики съгласно нормите: EN 61591; EN 60704-1; EN 60704-2-13; EN 50564. Полезни инструкции за принципите позволяващи намаляване влиянието върху околната среда. Трябва да се приеме максимален диаметър на канализационен състав даден в инструкцията и да се избягва промени на диаметъра и на свързването с тръби фитинги. Задаване на оптимална скорост на засмукване и при необходимост включване на функцията усилване. Системата на осветлението на продукта включвайте само в случай на необходимост.

CZ - Výkon v souladu s normami: EN 61591; EN 60704-1; EN 60704-2-13; EN 50564. Užitečné rady ohledně zásad umožňujících snížit negativní dopad na životní prostředí. Je třeba zvolit maximální průměr kanalizace uvedený v návodu a vyhýbat se změně průřezu a kolenním spojům. Nastavit optimální rychlost odsávání a zapnout funkci booster, pokud je to nutné. Systém osvětlení výrobku je třeba zapínat pouze v případě potřeby.

HR - Eksploatacione karakteristike sukladno normama: EN 61591; EN 60704-1; EN 60704-2-13; EN 50564. Pomoćna uputstva odnosno načela, koja pozvoljavaju smanjenje negativnog utjecaja na okoliš. Treba primiti maksimalni presjek kanalizacijskog sustava datog u uputstvu i izbjegavati promjenu presjeka i spajanje koljenima. Podesiti maksimalnu brzinu usisavanja i uključiti funkciju booster, ukoliko će to biti neophodno. Sustav svjetla proizvoda uključivati samo u slučaju potrebe.

DK - Effekt i henhold til: EN 61591; EN 60704-1; EN 60704-2-13; EN 50564. Nyttige tips vedrørende regler medvirkende til mindre miljøbelastning. Benyt den maksimale diameter af kloaksystemet som angivet i vejledningen, og undgå at ændre på tværsnittet og bøjemufferne. Om nødvendigt indstil sugehastigheden til den optimale værdi og tænd for booster-funktionen. Belysningen til produktet skal kun tændes når det er nødvendigt.

ET - Jõudlus kooskõlas standarditega: EN 61591; EN 60704-1; EN 60704-2-13; EN 50564. Kasulikud juhised, mis aitavad vähendada negatiivset mõju keskkonnale. Tuleb arvestada juhendis märgitud maksimaalse kanalisatsioonisüsteemi läbimõõduga ja vältida ristlõike ja põlvliideste muutmist. Seadistage optimaalne kiirus ja lülitage
